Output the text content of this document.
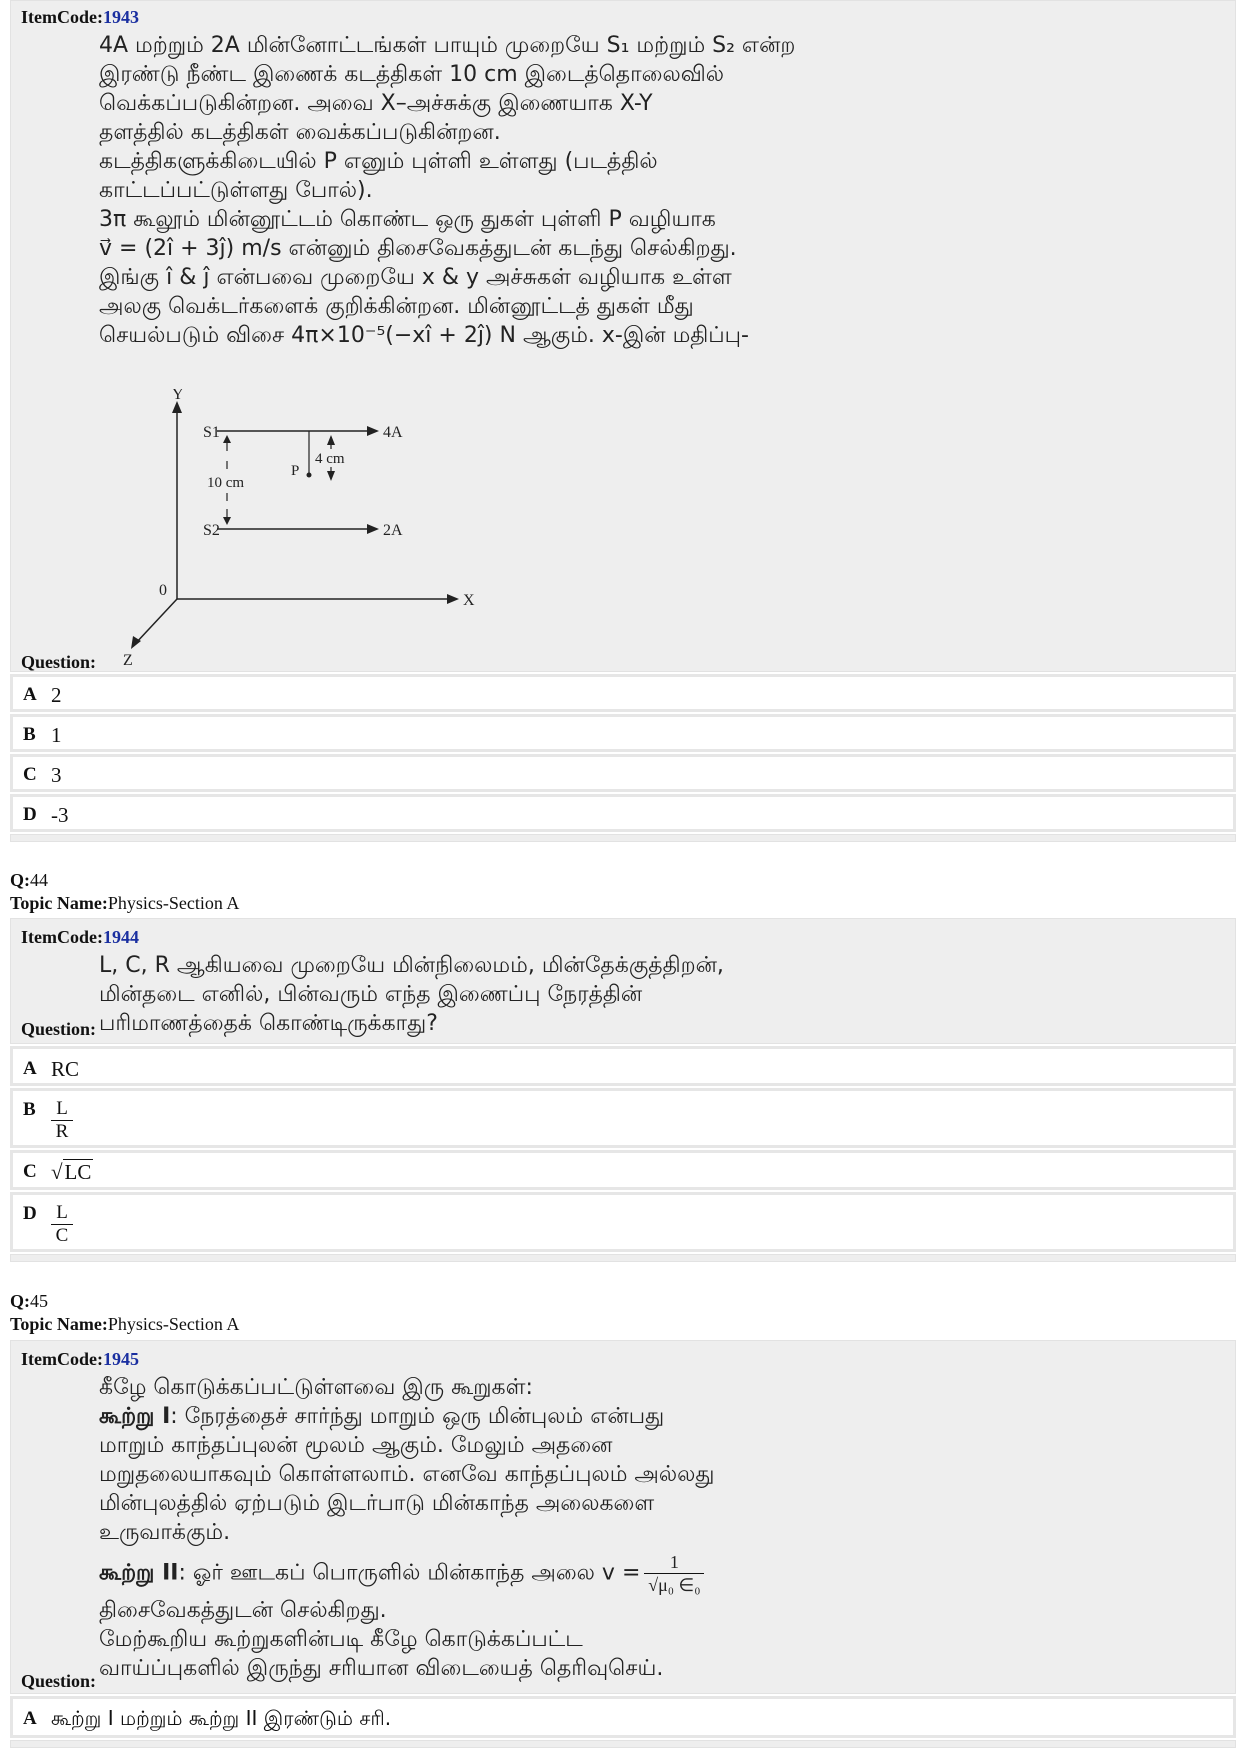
ItemCode:1943

4A மற்றும் 2A மின்னோட்டங்கள் பாயும் முறையே S₁ மற்றும் S₂ என்ற

இரண்டு நீண்ட இணைக் கடத்திகள் 10 cm இடைத்தொலைவில்

வெக்கப்படுகின்றன. அவை X–அச்சுக்கு இணையாக X-Y

தளத்தில் கடத்திகள் வைக்கப்படுகின்றன.

கடத்திகளுக்கிடையில் P எனும் புள்ளி உள்ளது (படத்தில்

காட்டப்பட்டுள்ளது போல்).

3π கூலூம் மின்னூட்டம் கொண்ட ஒரு துகள் புள்ளி P வழியாக

v⃗ = (2î + 3ĵ) m/s என்னும் திசைவேகத்துடன் கடந்து செல்கிறது.

இங்கு î & ĵ என்பவை முறையே x & y அச்சுகள் வழியாக உள்ள

அலகு வெக்டர்களைக் குறிக்கின்றன. மின்னூட்டத் துகள் மீது

செயல்படும் விசை 4π×10⁻⁵(−xî + 2ĵ) N ஆகும். x-இன் மதிப்பு-

Y
X
Z
0
S1	4A
S2	2A
10 cm
P
4 cm
Question:
A 2
B 1
C 3
D -3
Q:44
Topic Name:Physics-Section A
ItemCode:1944

L, C, R ஆகியவை முறையே மின்நிலைமம், மின்தேக்குத்திறன்,

மின்தடை எனில், பின்வரும் எந்த இணைப்பு நேரத்தின்

பரிமாணத்தைக் கொண்டிருக்காது?

Question:
A RC
B $\frac{L}{R}$
C √LC
D $\frac{L}{C}$
Q:45
Topic Name:Physics-Section A
ItemCode:1945

கீழே கொடுக்கப்பட்டுள்ளவை இரு கூறுகள்:

கூற்று I: நேரத்தைச் சார்ந்து மாறும் ஒரு மின்புலம் என்பது

மாறும் காந்தப்புலன் மூலம் ஆகும். மேலும் அதனை

மறுதலையாகவும் கொள்ளலாம். எனவே காந்தப்புலம் அல்லது

மின்புலத்தில் ஏற்படும் இடர்பாடு மின்காந்த அலைகளை

உருவாக்கும்.

கூற்று II: ஓர் ஊடகப் பொருளில் மின்காந்த அலை $v = \frac{1}{\text{√μ₀ ∈₀}}$

திசைவேகத்துடன் செல்கிறது.

மேற்கூறிய கூற்றுகளின்படி கீழே கொடுக்கப்பட்ட

வாய்ப்புகளில் இருந்து சரியான விடையைத் தெரிவுசெய்.

Question:
A கூற்று I மற்றும் கூற்று II இரண்டும் சரி.
